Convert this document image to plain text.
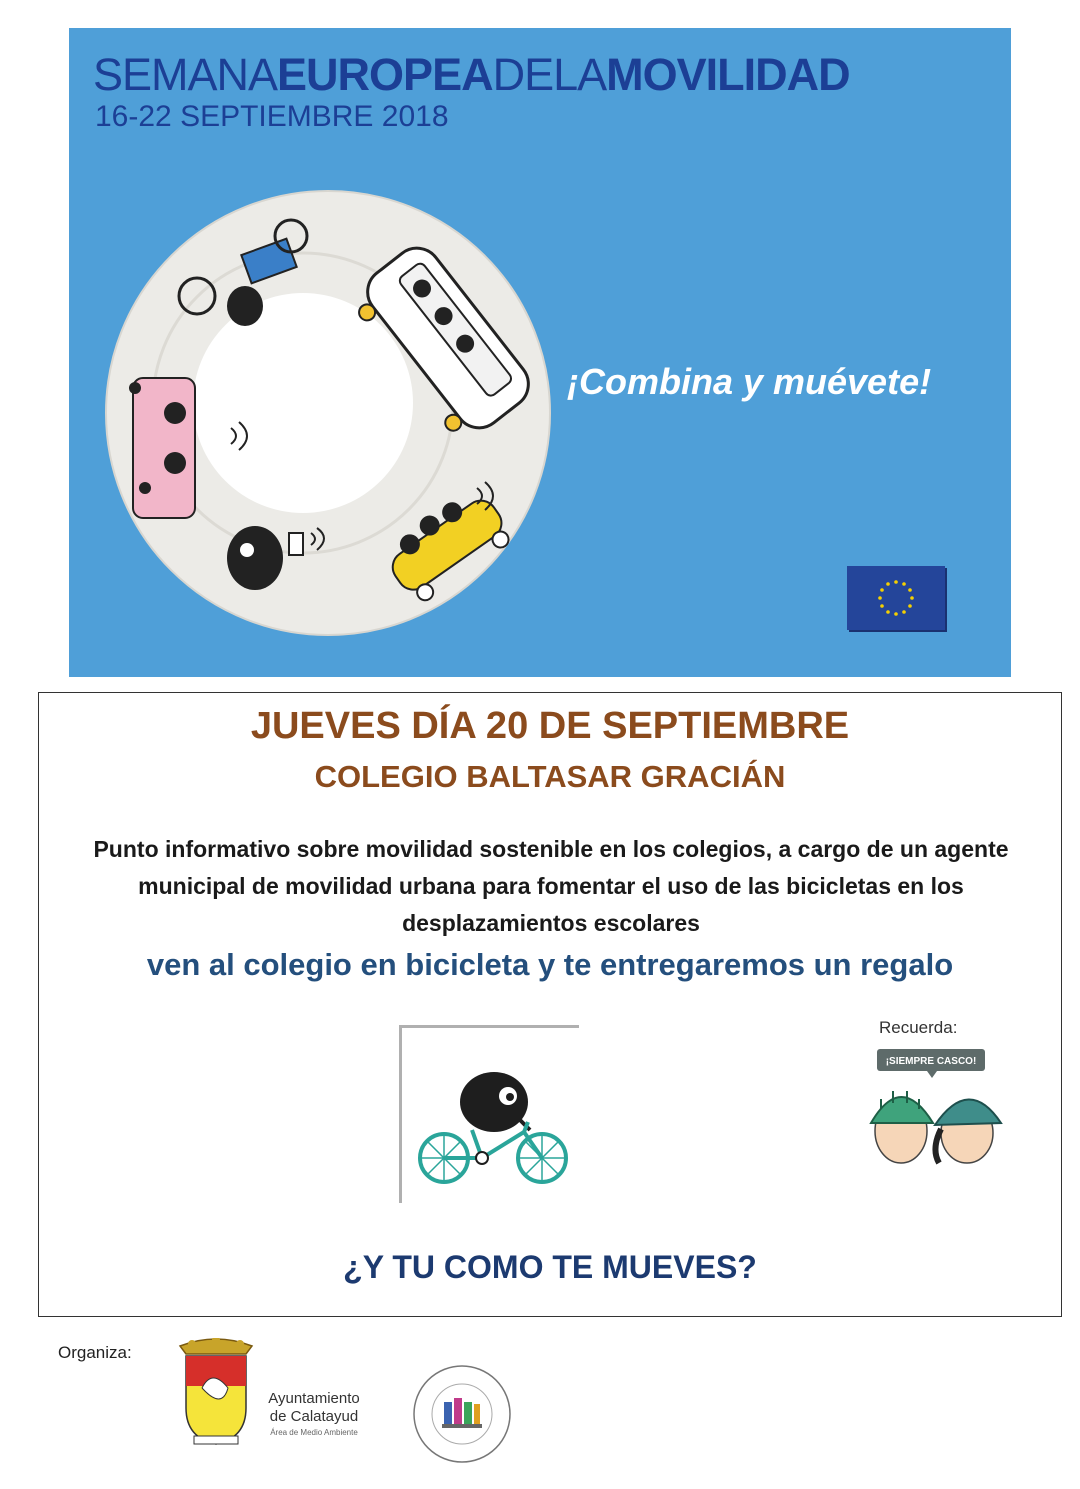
SEMANAEUROPEADELAMOVILIDAD
16-22 SEPTIEMBRE 2018
¡Combina y muévete!
JUEVES DÍA 20 DE SEPTIEMBRE
COLEGIO BALTASAR GRACIÁN

Punto informativo sobre movilidad sostenible en los colegios, a cargo de un agente municipal de movilidad urbana para fomentar el uso de las bicicletas en los desplazamientos escolares

ven al colegio en bicicleta y te entregaremos un regalo
Recuerda:
¡SIEMPRE CASCO!
¿Y TU COMO TE MUEVES?
Organiza:
Ayuntamiento
de Calatayud
Área de Medio Ambiente
